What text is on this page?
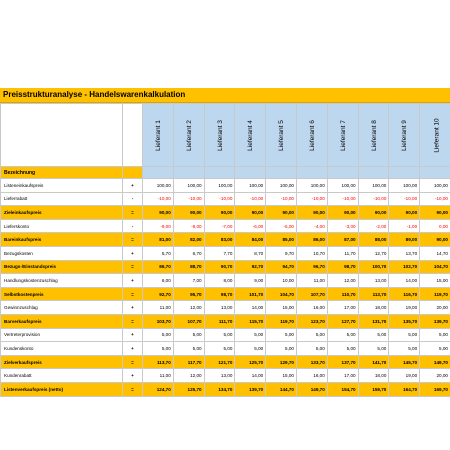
Preisstrukturanalyse - Handelswarenkalkulation
		Lieferant 1	Lieferant 2	Lieferant 3	Lieferant 4	Lieferant 5	Lieferant 6	Lieferant 7	Lieferant 8	Lieferant 9	Lieferant 10
Bezeichnung											
Listeneinkaufspreis	+	100,00	100,00	100,00	100,00	100,00	100,00	100,00	100,00	100,00	100,00
Lieferrabatt	-	-10,00	-10,00	-10,00	-10,00	-10,00	-10,00	-10,00	-10,00	-10,00	-10,00
Zieleinkaufspreis	=	90,00	90,00	90,00	90,00	90,00	90,00	90,00	90,00	90,00	90,00
Lieferskonto	-	-9,00	-8,00	-7,00	-6,00	-5,00	-4,00	-3,00	-2,00	-1,00	0,00
Bareinkaufspreis	=	81,00	82,00	83,00	84,00	85,00	86,00	87,00	88,00	89,00	90,00
Bezugskosten	+	5,70	6,70	7,70	8,70	9,70	10,70	11,70	12,70	13,70	14,70
Bezugs-/Einstandspreis	=	86,70	88,70	90,70	92,70	94,70	96,70	98,70	100,70	102,70	104,70
Handlungskostenzuschlag	+	6,00	7,00	8,00	9,00	10,00	11,00	12,00	13,00	14,00	15,00
Selbstkostenpreis	=	92,70	95,70	98,70	101,70	104,70	107,70	110,70	113,70	116,70	119,70
Gewinnzuschlag	+	11,00	12,00	13,00	14,00	15,00	16,00	17,00	18,00	19,00	20,00
Barverkaufspreis	=	103,70	107,70	111,70	115,70	119,70	123,70	127,70	131,70	135,70	139,70
Vertreterprovision	+	5,00	5,00	5,00	5,00	5,00	5,00	5,00	5,00	5,00	5,00
Kundenskonto	+	5,00	5,00	5,00	5,00	5,00	5,00	5,00	5,00	5,00	5,00
Zielverkaufspreis	=	113,70	117,70	121,70	125,70	129,70	133,70	137,70	141,70	145,70	149,70
Kundenrabatt	+	11,00	12,00	13,00	14,00	15,00	16,00	17,00	18,00	19,00	20,00
Listenverkaufspreis (netto)	=	124,70	125,70	134,70	139,70	144,70	149,70	154,70	159,70	164,70	169,70
